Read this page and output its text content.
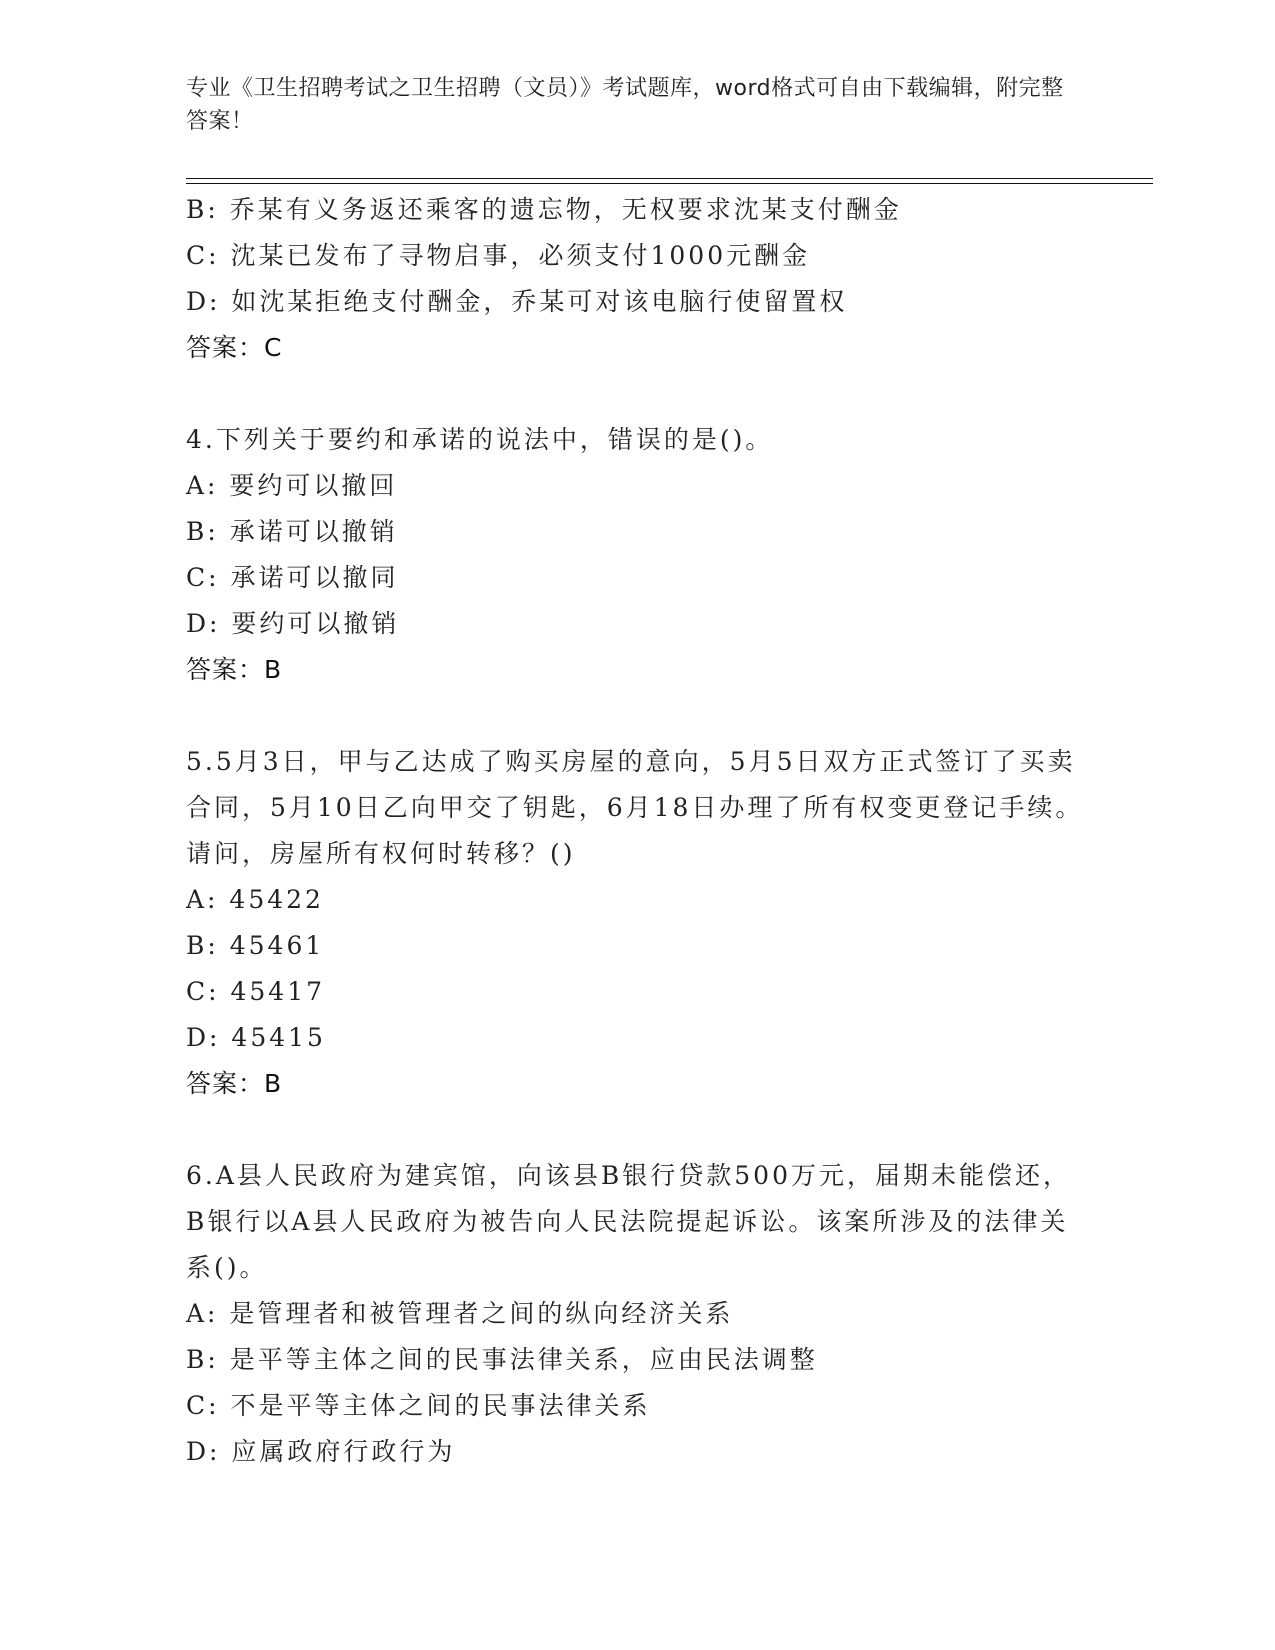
专业《卫生招聘考试之卫生招聘（文员）》考试题库，word格式可自由下载编辑，附完整答案！
B: 乔某有义务返还乘客的遗忘物，无权要求沈某支付酬金
C: 沈某已发布了寻物启事，必须支付1000元酬金
D: 如沈某拒绝支付酬金，乔某可对该电脑行使留置权
答案：C
4.下列关于要约和承诺的说法中，错误的是()。
A: 要约可以撤回
B: 承诺可以撤销
C: 承诺可以撤同
D: 要约可以撤销
答案：B
5.5月3日，甲与乙达成了购买房屋的意向，5月5日双方正式签订了买卖合同，5月10日乙向甲交了钥匙，6月18日办理了所有权变更登记手续。请问，房屋所有权何时转移？()
A: 45422
B: 45461
C: 45417
D: 45415
答案：B
6.A县人民政府为建宾馆，向该县B银行贷款500万元，届期未能偿还，B银行以A县人民政府为被告向人民法院提起诉讼。该案所涉及的法律关系()。
A: 是管理者和被管理者之间的纵向经济关系
B: 是平等主体之间的民事法律关系，应由民法调整
C: 不是平等主体之间的民事法律关系
D: 应属政府行政行为
